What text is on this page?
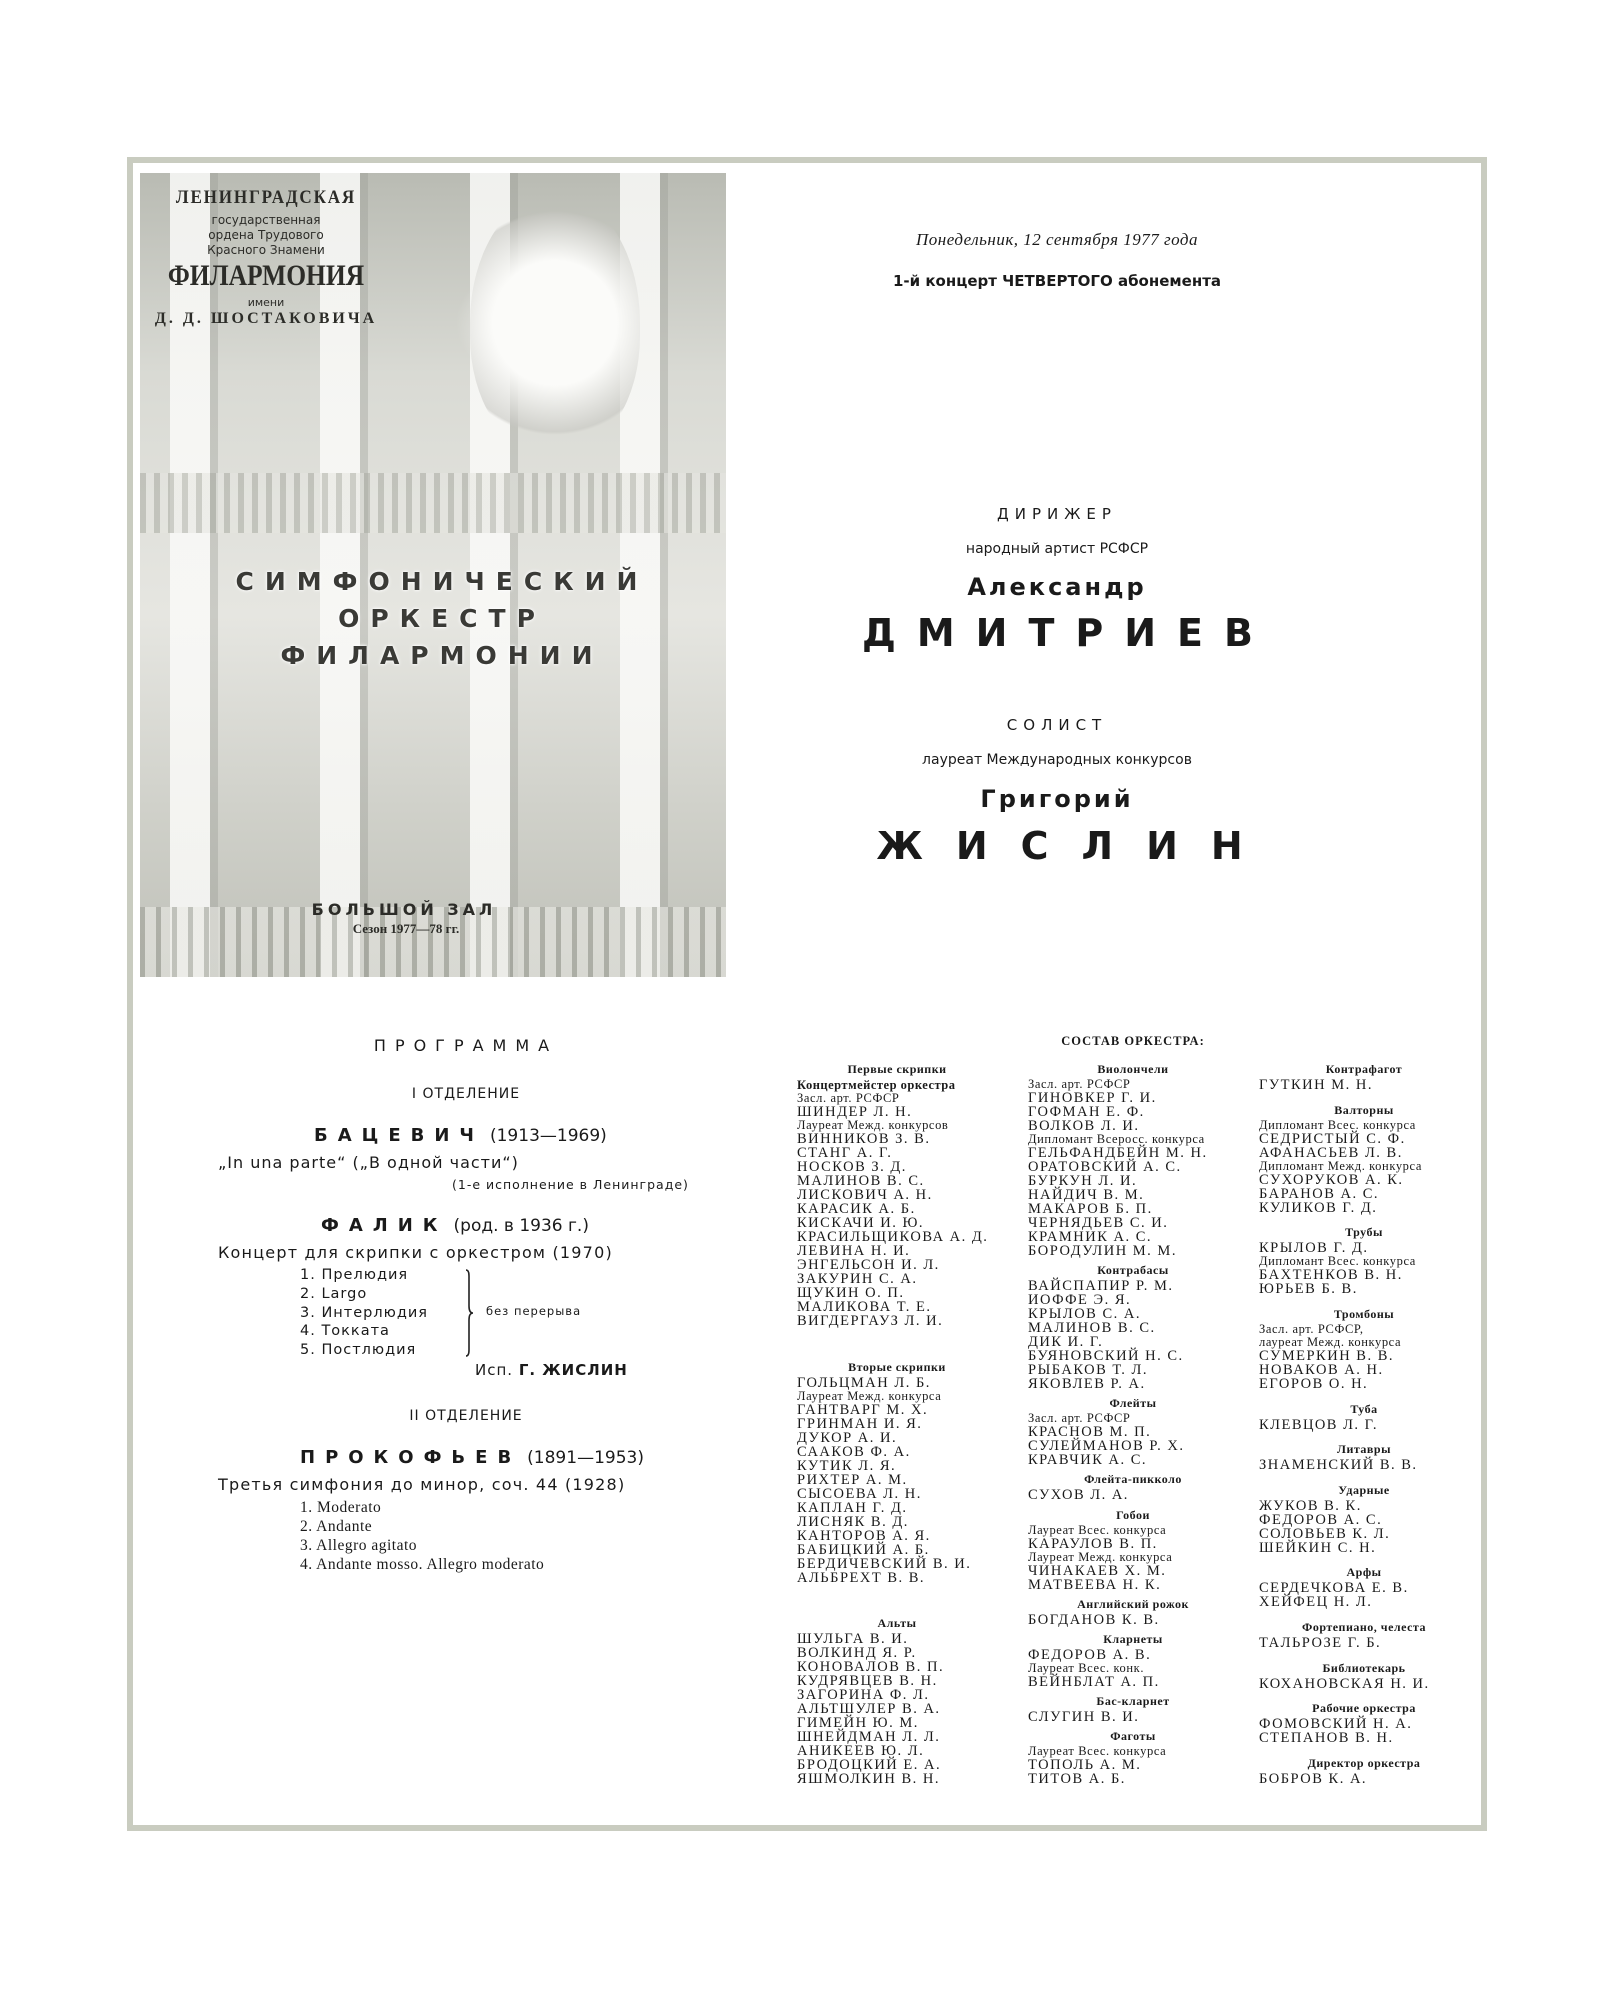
ЛЕНИНГРАДСКАЯ
государственная
ордена Трудового
Красного Знамени
ФИЛАРМОНИЯ
имени
Д. Д. ШОСТАКОВИЧА
СИМФОНИЧЕСКИЙ
ОРКЕСТР
ФИЛАРМОНИИ
БОЛЬШОЙ ЗАЛ
Сезон 1977—78 гг.
Понедельник, 12 сентября 1977 года
1-й концерт ЧЕТВЕРТОГО абонемента
ДИРИЖЕР
народный артист РСФСР
Александр
ДМИТРИЕВ
СОЛИСТ
лауреат Международных конкурсов
Григорий
ЖИСЛИН
ПРОГРАММА
I ОТДЕЛЕНИЕ
БАЦЕВИЧ (1913—1969)
„In una parte“ („В одной части“)
(1-е исполнение в Ленинграде)
ФАЛИК (род. в 1936 г.)
Концерт для скрипки с оркестром (1970)
1. Прелюдия
2. Largo
3. Интерлюдия
4. Токката
5. Постлюдия
без перерыва
Исп. Г. ЖИСЛИН
II ОТДЕЛЕНИЕ
ПРОКОФЬЕВ (1891—1953)
Третья симфония до минор, соч. 44 (1928)
1. Moderato
2. Andante
3. Allegro agitato
4. Andante mosso. Allegro moderato
СОСТАВ ОРКЕСТРА:
Первые скрипки
Концертмейстер оркестра
Засл. арт. РСФСР
ШИНДЕР Л. Н.
Лауреат Межд. конкурсов
ВИННИКОВ З. В.
СТАНГ А. Г.
НОСКОВ З. Д.
МАЛИНОВ В. С.
ЛИСКОВИЧ А. Н.
КАРАСИК А. Б.
КИСКАЧИ И. Ю.
КРАСИЛЬЩИКОВА А. Д.
ЛЕВИНА Н. И.
ЭНГЕЛЬСОН И. Л.
ЗАКУРИН С. А.
ЩУКИН О. П.
МАЛИКОВА Т. Е.
ВИГДЕРГАУЗ Л. И.
Вторые скрипки
ГОЛЬЦМАН Л. Б.
Лауреат Межд. конкурса
ГАНТВАРГ М. Х.
ГРИНМАН И. Я.
ДУКОР А. И.
СААКОВ Ф. А.
КУТИК Л. Я.
РИХТЕР А. М.
СЫСОЕВА Л. Н.
КАПЛАН Г. Д.
ЛИСНЯК В. Д.
КАНТОРОВ А. Я.
БАБИЦКИЙ А. Б.
БЕРДИЧЕВСКИЙ В. И.
АЛЬБРЕХТ В. В.
Альты
ШУЛЬГА В. И.
ВОЛКИНД Я. Р.
КОНОВАЛОВ В. П.
КУДРЯВЦЕВ В. Н.
ЗАГОРИНА Ф. Л.
АЛЬТШУЛЕР В. А.
ГИМЕЙН Ю. М.
ШНЕЙДМАН Л. Л.
АНИКЕЕВ Ю. Л.
БРОДОЦКИЙ Е. А.
ЯШМОЛКИН В. Н.
Виолончели
Засл. арт. РСФСР
ГИНОВКЕР Г. И.
ГОФМАН Е. Ф.
ВОЛКОВ Л. И.
Дипломант Всеросс. конкурса
ГЕЛЬФАНДБЕЙН М. Н.
ОРАТОВСКИЙ А. С.
БУРКУН Л. И.
НАЙДИЧ В. М.
МАКАРОВ Б. П.
ЧЕРНЯДЬЕВ С. И.
КРАМНИК А. С.
БОРОДУЛИН М. М.
Контрабасы
ВАЙСПАПИР Р. М.
ИОФФЕ Э. Я.
КРЫЛОВ С. А.
МАЛИНОВ В. С.
ДИК И. Г.
БУЯНОВСКИЙ Н. С.
РЫБАКОВ Т. Л.
ЯКОВЛЕВ Р. А.
Флейты
Засл. арт. РСФСР
КРАСНОВ М. П.
СУЛЕЙМАНОВ Р. Х.
КРАВЧИК А. С.
Флейта-пикколо
СУХОВ Л. А.
Гобои
Лауреат Всес. конкурса
КАРАУЛОВ В. П.
Лауреат Межд. конкурса
ЧИНАКАЕВ Х. М.
МАТВЕЕВА Н. К.
Английский рожок
БОГДАНОВ К. В.
Кларнеты
ФЕДОРОВ А. В.
Лауреат Всес. конк.
ВЕЙНБЛАТ А. П.
Бас-кларнет
СЛУГИН В. И.
Фаготы
Лауреат Всес. конкурса
ТОПОЛЬ А. М.
ТИТОВ А. Б.
Контрафагот
ГУТКИН М. Н.
Валторны
Дипломант Всес. конкурса
СЕДРИСТЫЙ С. Ф.
АФАНАСЬЕВ Л. В.
Дипломант Межд. конкурса
СУХОРУКОВ А. К.
БАРАНОВ А. С.
КУЛИКОВ Г. Д.
Трубы
КРЫЛОВ Г. Д.
Дипломант Всес. конкурса
БАХТЕНКОВ В. Н.
ЮРЬЕВ Б. В.
Тромбоны
Засл. арт. РСФСР,
лауреат Межд. конкурса
СУМЕРКИН В. В.
НОВАКОВ А. Н.
ЕГОРОВ О. Н.
Туба
КЛЕВЦОВ Л. Г.
Литавры
ЗНАМЕНСКИЙ В. В.
Ударные
ЖУКОВ В. К.
ФЕДОРОВ А. С.
СОЛОВЬЕВ К. Л.
ШЕЙКИН С. Н.
Арфы
СЕРДЕЧКОВА Е. В.
ХЕЙФЕЦ Н. Л.
Фортепиано, челеста
ТАЛЬРОЗЕ Г. Б.
Библиотекарь
КОХАНОВСКАЯ Н. И.
Рабочие оркестра
ФОМОВСКИЙ Н. А.
СТЕПАНОВ В. Н.
Директор оркестра
БОБРОВ К. А.
